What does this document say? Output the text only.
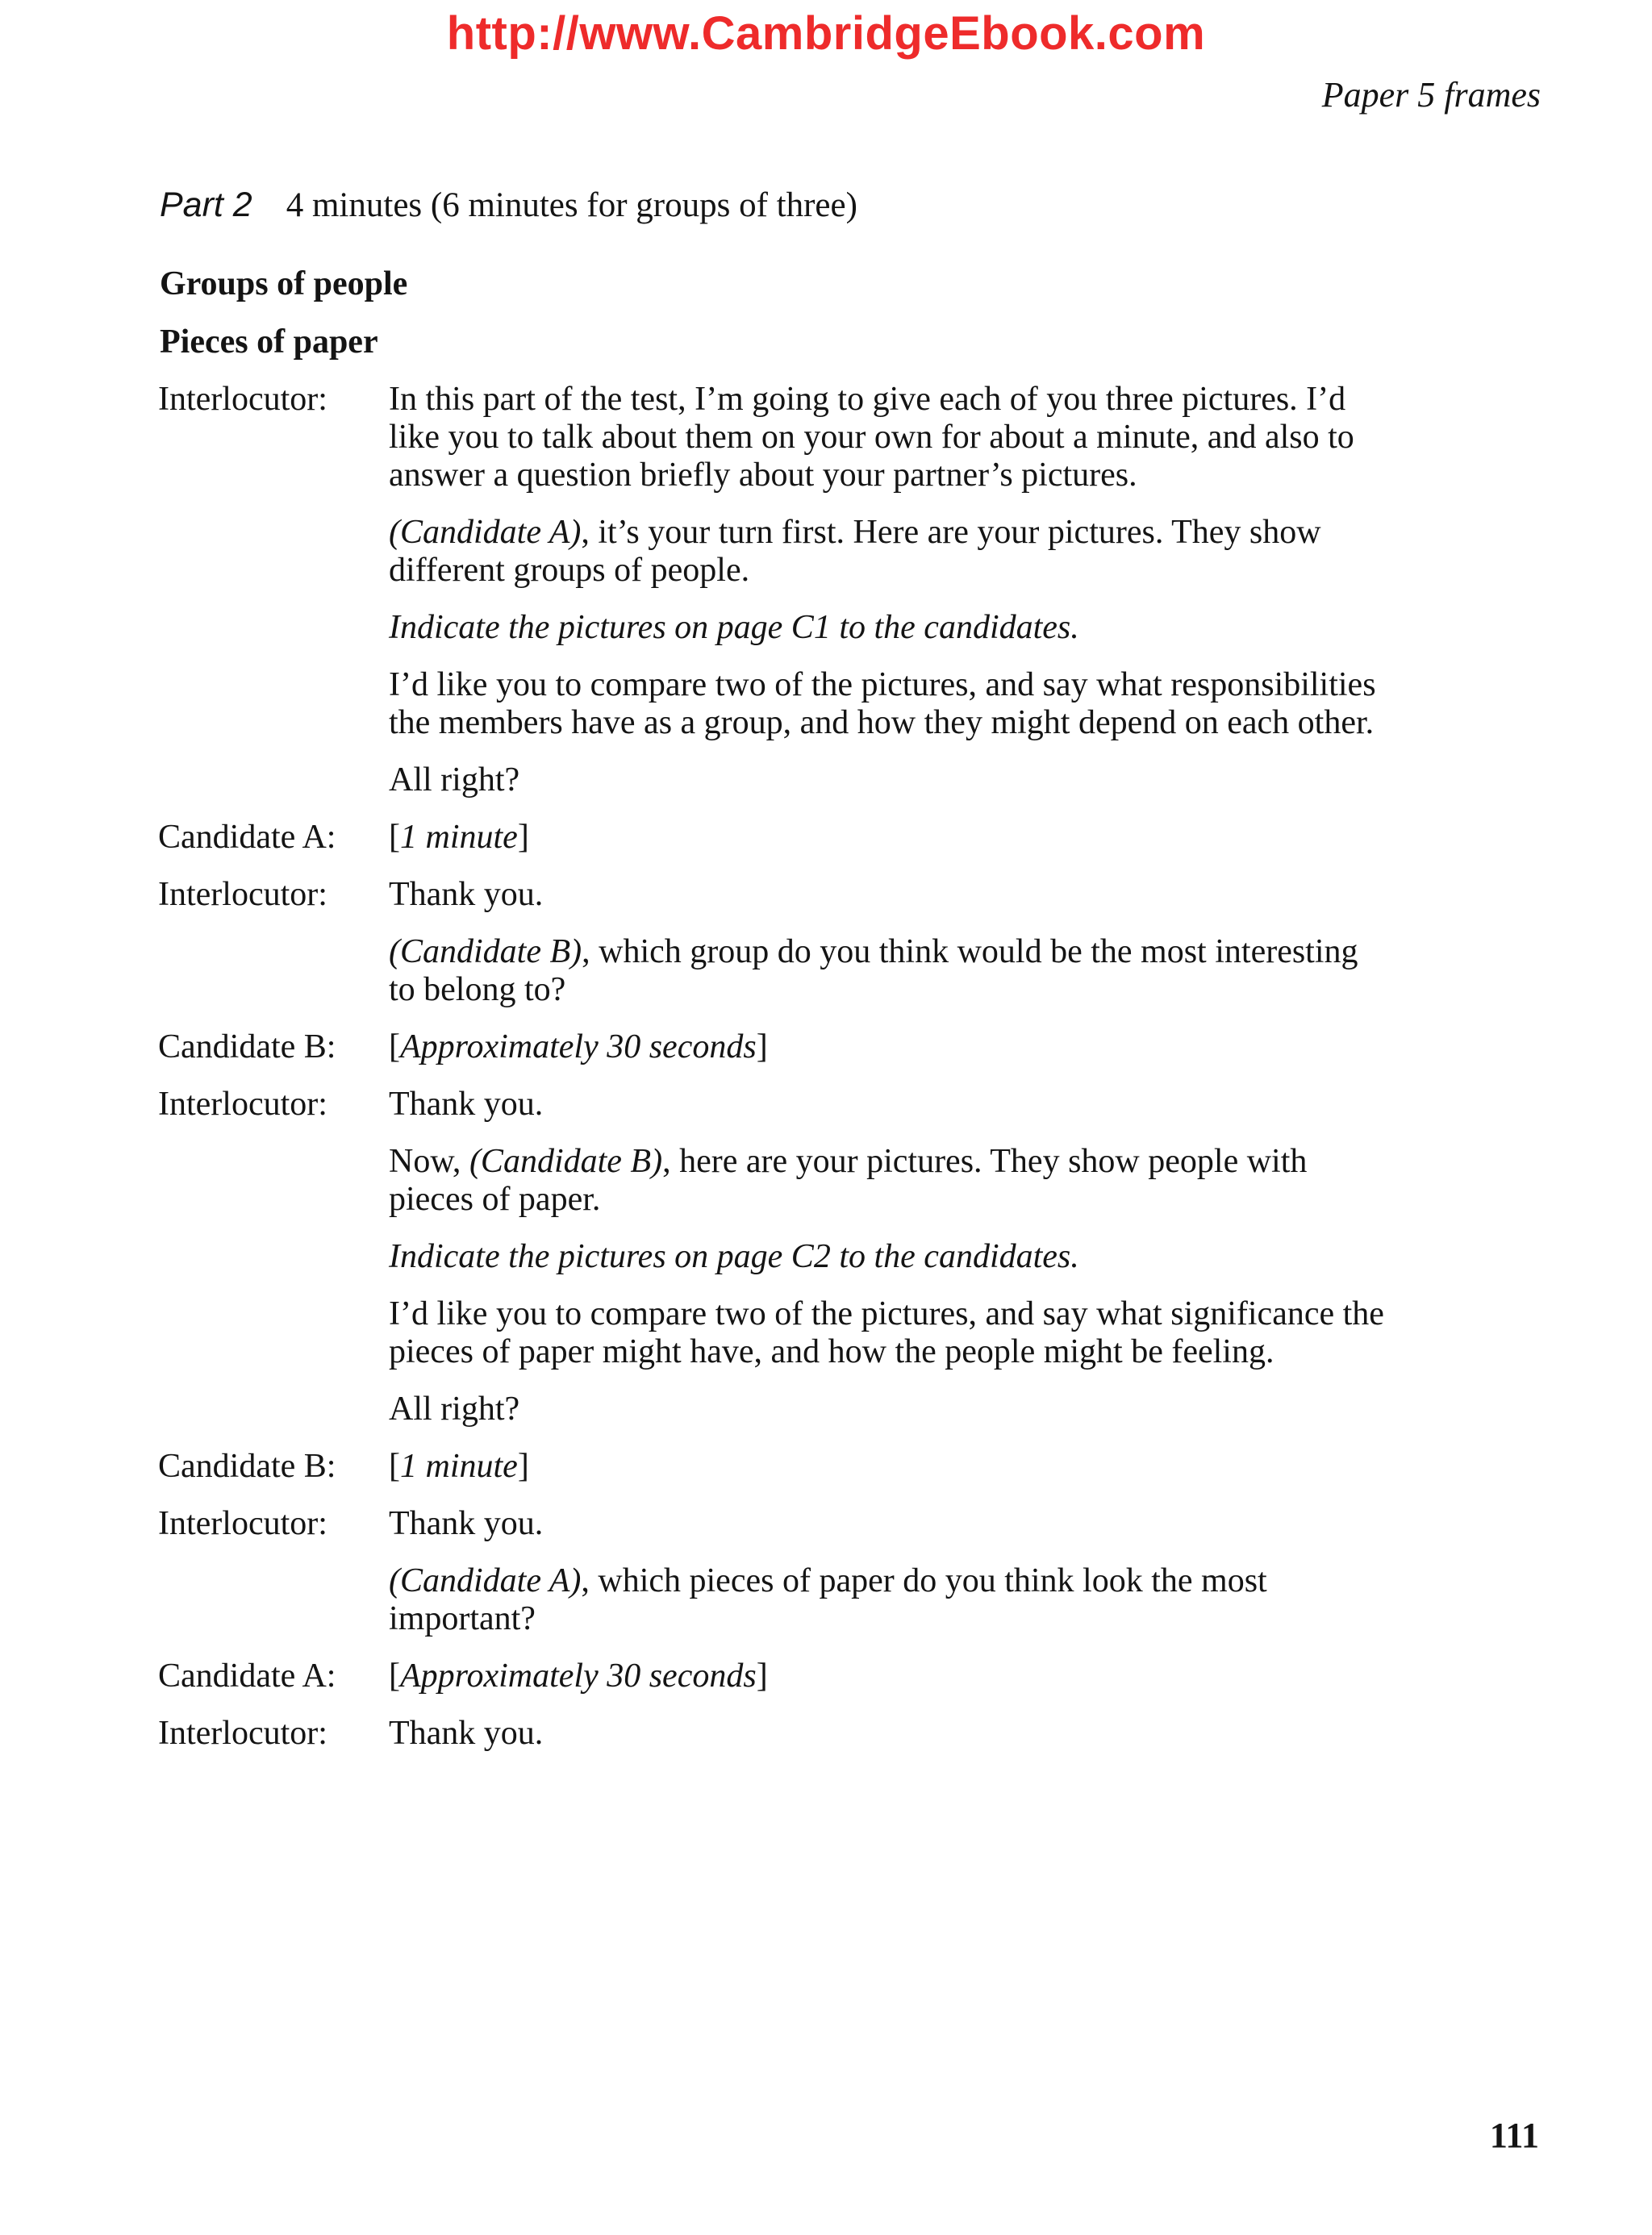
http://www.CambridgeEbook.com
Paper 5 frames
Part 2 4 minutes (6 minutes for groups of three)
Groups of people
Pieces of paper
Interlocutor:	In this part of the test, I’m going to give each of you three pictures. I’d like you to talk about them on your own for about a minute, and also to answer a question briefly about your partner’s pictures.

(Candidate A), it’s your turn first. Here are your pictures. They show different groups of people.

Indicate the pictures on page C1 to the candidates.

I’d like you to compare two of the pictures, and say what responsibilities the members have as a group, and how they might depend on each other.

All right?

Candidate A:	[1 minute]

Interlocutor:	Thank you.

(Candidate B), which group do you think would be the most interesting to belong to?

Candidate B:	[Approximately 30 seconds]

Interlocutor:	Thank you.

Now, (Candidate B), here are your pictures. They show people with pieces of paper.

Indicate the pictures on page C2 to the candidates.

I’d like you to compare two of the pictures, and say what significance the pieces of paper might have, and how the people might be feeling.

All right?

Candidate B:	[1 minute]

Interlocutor:	Thank you.

(Candidate A), which pieces of paper do you think look the most important?

Candidate A:	[Approximately 30 seconds]

Interlocutor:	Thank you.

111
